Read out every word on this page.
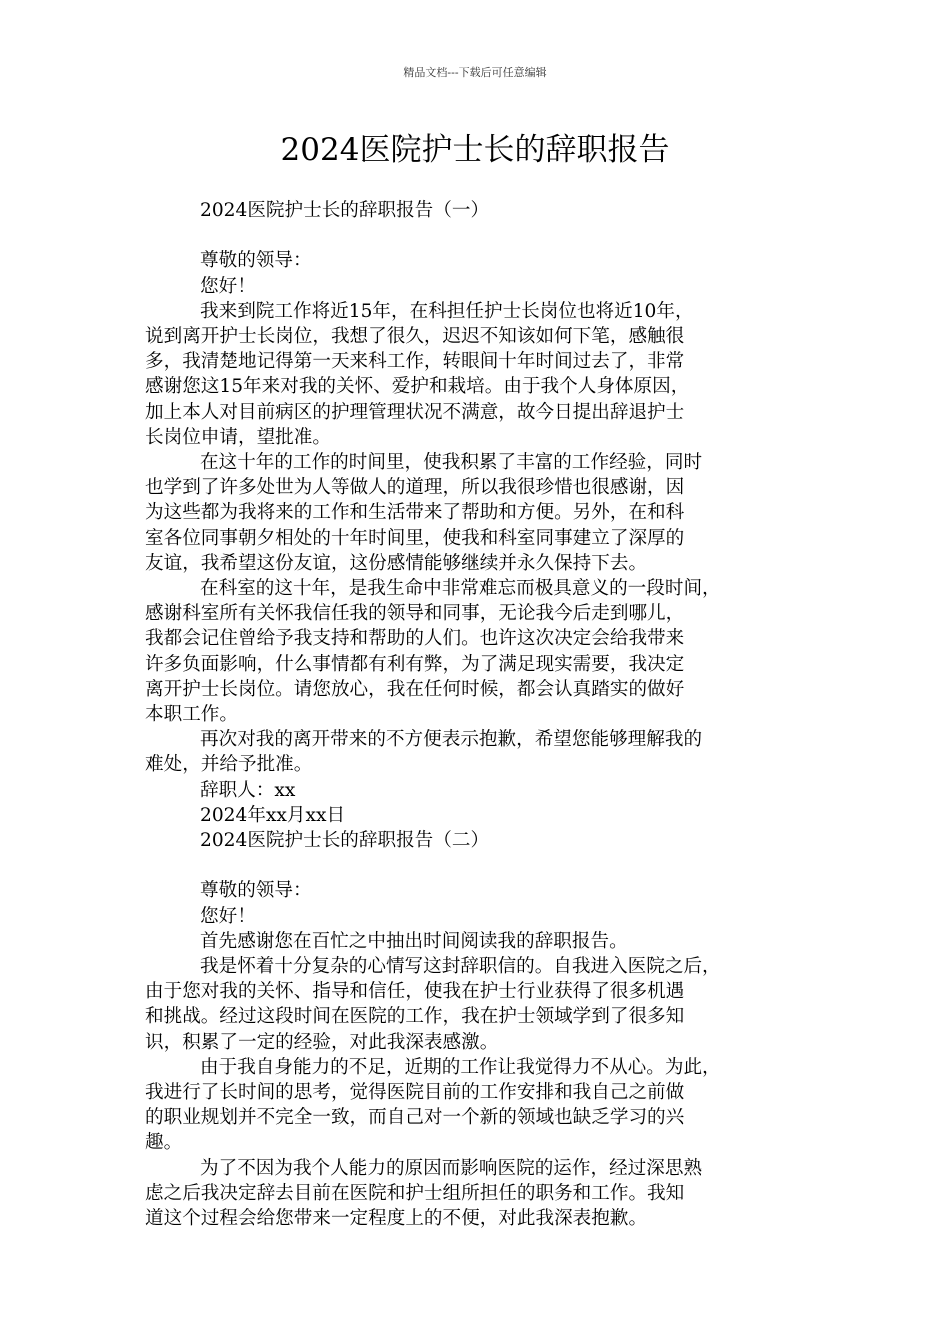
精品文档---下载后可任意编辑
2024医院护士长的辞职报告
2024医院护士长的辞职报告（一）
尊敬的领导：
您好！
我来到院工作将近15年，在科担任护士长岗位也将近10年，
说到离开护士长岗位，我想了很久，迟迟不知该如何下笔，感触很
多，我清楚地记得第一天来科工作，转眼间十年时间过去了，非常
感谢您这15年来对我的关怀、爱护和栽培。由于我个人身体原因，
加上本人对目前病区的护理管理状况不满意，故今日提出辞退护士
长岗位申请，望批准。
在这十年的工作的时间里，使我积累了丰富的工作经验，同时
也学到了许多处世为人等做人的道理，所以我很珍惜也很感谢，因
为这些都为我将来的工作和生活带来了帮助和方便。另外，在和科
室各位同事朝夕相处的十年时间里，使我和科室同事建立了深厚的
友谊，我希望这份友谊，这份感情能够继续并永久保持下去。
在科室的这十年，是我生命中非常难忘而极具意义的一段时间，
感谢科室所有关怀我信任我的领导和同事，无论我今后走到哪儿，
我都会记住曾给予我支持和帮助的人们。也许这次决定会给我带来
许多负面影响，什么事情都有利有弊，为了满足现实需要，我决定
离开护士长岗位。请您放心，我在任何时候，都会认真踏实的做好
本职工作。
再次对我的离开带来的不方便表示抱歉，希望您能够理解我的
难处，并给予批准。
辞职人：xx
2024年xx月xx日
2024医院护士长的辞职报告（二）
尊敬的领导：
您好！
首先感谢您在百忙之中抽出时间阅读我的辞职报告。
我是怀着十分复杂的心情写这封辞职信的。自我进入医院之后，
由于您对我的关怀、指导和信任，使我在护士行业获得了很多机遇
和挑战。经过这段时间在医院的工作，我在护士领域学到了很多知
识，积累了一定的经验，对此我深表感激。
由于我自身能力的不足，近期的工作让我觉得力不从心。为此，
我进行了长时间的思考，觉得医院目前的工作安排和我自己之前做
的职业规划并不完全一致，而自己对一个新的领域也缺乏学习的兴
趣。
为了不因为我个人能力的原因而影响医院的运作，经过深思熟
虑之后我决定辞去目前在医院和护士组所担任的职务和工作。我知
道这个过程会给您带来一定程度上的不便，对此我深表抱歉。
